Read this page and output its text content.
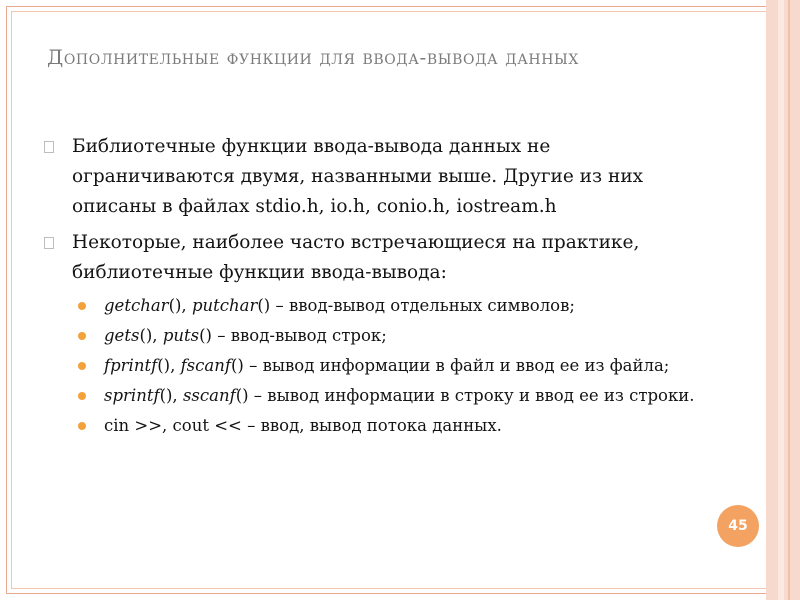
Дополнительные функции для ввода-вывода данных
Библиотечные функции ввода-вывода данных не ограничиваются двумя, названными выше. Другие из них описаны в файлах stdio.h, io.h, conio.h, iostream.h
Некоторые, наиболее часто встречающиеся на практике, библиотечные функции ввода-вывода:
getchar(), putchar() – ввод-вывод отдельных символов;
gets(), puts() – ввод-вывод строк;
fprintf(), fscanf() – вывод информации в файл и ввод ее из файла;
sprintf(), sscanf() – вывод информации в строку и ввод ее из строки.
cin >>, cout << – ввод, вывод потока данных.
45
